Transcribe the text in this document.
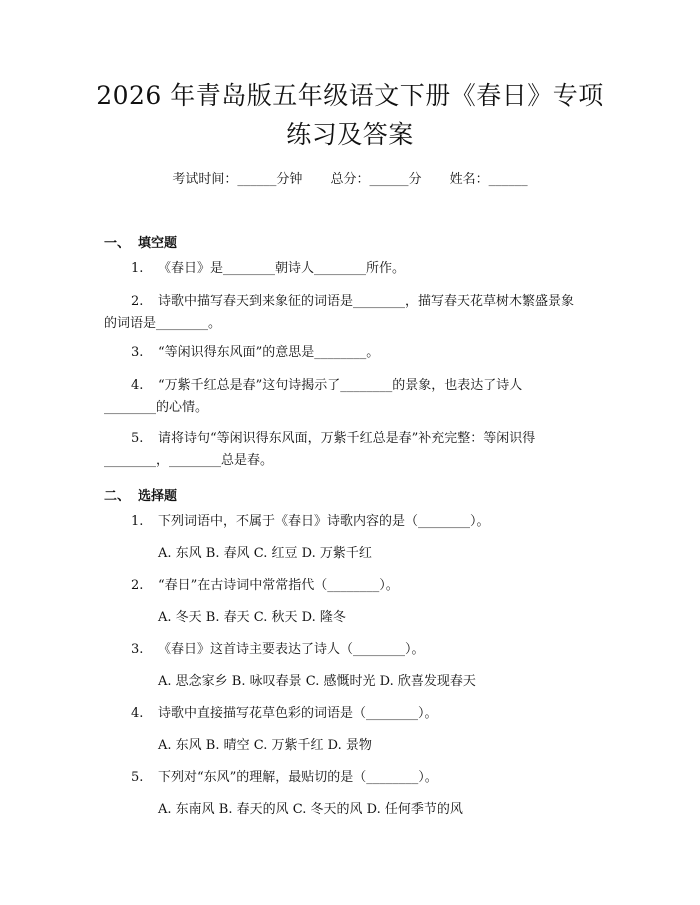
2026 年青岛版五年级语文下册《春日》专项
练习及答案
考试时间：______分钟 总分：______分 姓名：______
一、 填空题
1. 《春日》是________朝诗人________所作。
2. 诗歌中描写春天到来象征的词语是________，描写春天花草树木繁盛景象
的词语是________。
3. “等闲识得东风面”的意思是________。
4. “万紫千红总是春”这句诗揭示了________的景象，也表达了诗人
________的心情。
5. 请将诗句“等闲识得东风面，万紫千红总是春”补充完整：等闲识得
________，________总是春。
二、 选择题
1. 下列词语中，不属于《春日》诗歌内容的是（________）。
A. 东风 B. 春风 C. 红豆 D. 万紫千红
2. “春日”在古诗词中常常指代（________）。
A. 冬天 B. 春天 C. 秋天 D. 隆冬
3. 《春日》这首诗主要表达了诗人（________）。
A. 思念家乡 B. 咏叹春景 C. 感慨时光 D. 欣喜发现春天
4. 诗歌中直接描写花草色彩的词语是（________）。
A. 东风 B. 晴空 C. 万紫千红 D. 景物
5. 下列对“东风”的理解，最贴切的是（________）。
A. 东南风 B. 春天的风 C. 冬天的风 D. 任何季节的风
